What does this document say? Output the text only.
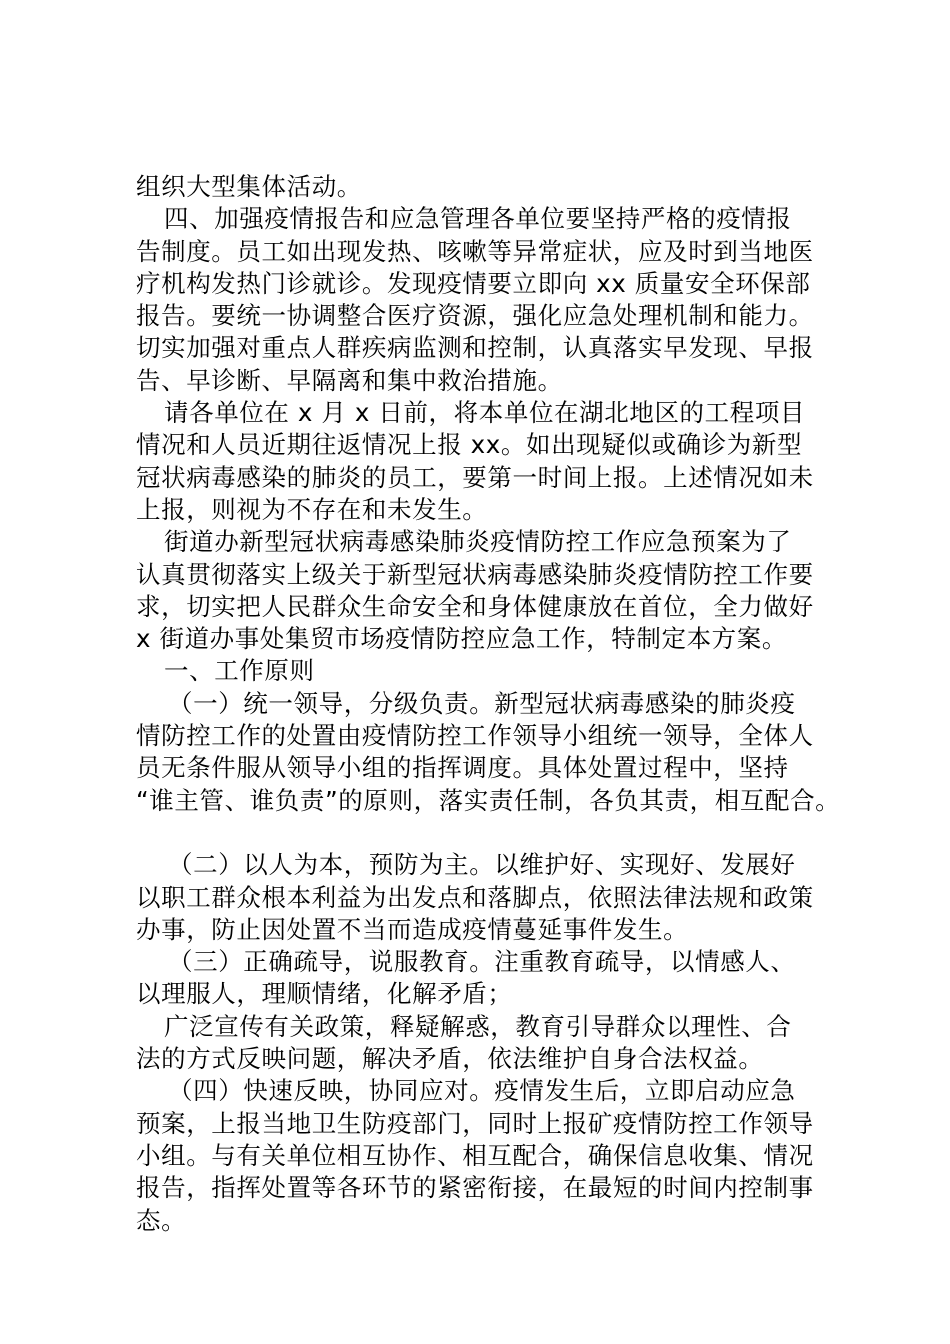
组织大型集体活动。
四、加强疫情报告和应急管理各单位要坚持严格的疫情报
告制度。员工如出现发热、咳嗽等异常症状，应及时到当地医
疗机构发热门诊就诊。发现疫情要立即向 xx 质量安全环保部
报告。要统一协调整合医疗资源，强化应急处理机制和能力。
切实加强对重点人群疾病监测和控制，认真落实早发现、早报
告、早诊断、早隔离和集中救治措施。
请各单位在 x 月 x 日前，将本单位在湖北地区的工程项目
情况和人员近期往返情况上报 xx。如出现疑似或确诊为新型
冠状病毒感染的肺炎的员工，要第一时间上报。上述情况如未
上报，则视为不存在和未发生。
街道办新型冠状病毒感染肺炎疫情防控工作应急预案为了
认真贯彻落实上级关于新型冠状病毒感染肺炎疫情防控工作要
求，切实把人民群众生命安全和身体健康放在首位，全力做好
x 街道办事处集贸市场疫情防控应急工作，特制定本方案。
一、工作原则
（一）统一领导，分级负责。新型冠状病毒感染的肺炎疫
情防控工作的处置由疫情防控工作领导小组统一领导，全体人
员无条件服从领导小组的指挥调度。具体处置过程中，坚持
“谁主管、谁负责”的原则，落实责任制，各负其责，相互配合。
（二）以人为本，预防为主。以维护好、实现好、发展好
以职工群众根本利益为出发点和落脚点，依照法律法规和政策
办事，防止因处置不当而造成疫情蔓延事件发生。
（三）正确疏导，说服教育。注重教育疏导，以情感人、
以理服人，理顺情绪，化解矛盾；
广泛宣传有关政策，释疑解惑，教育引导群众以理性、合
法的方式反映问题，解决矛盾，依法维护自身合法权益。
（四）快速反映，协同应对。疫情发生后，立即启动应急
预案，上报当地卫生防疫部门，同时上报矿疫情防控工作领导
小组。与有关单位相互协作、相互配合，确保信息收集、情况
报告，指挥处置等各环节的紧密衔接，在最短的时间内控制事
态。
